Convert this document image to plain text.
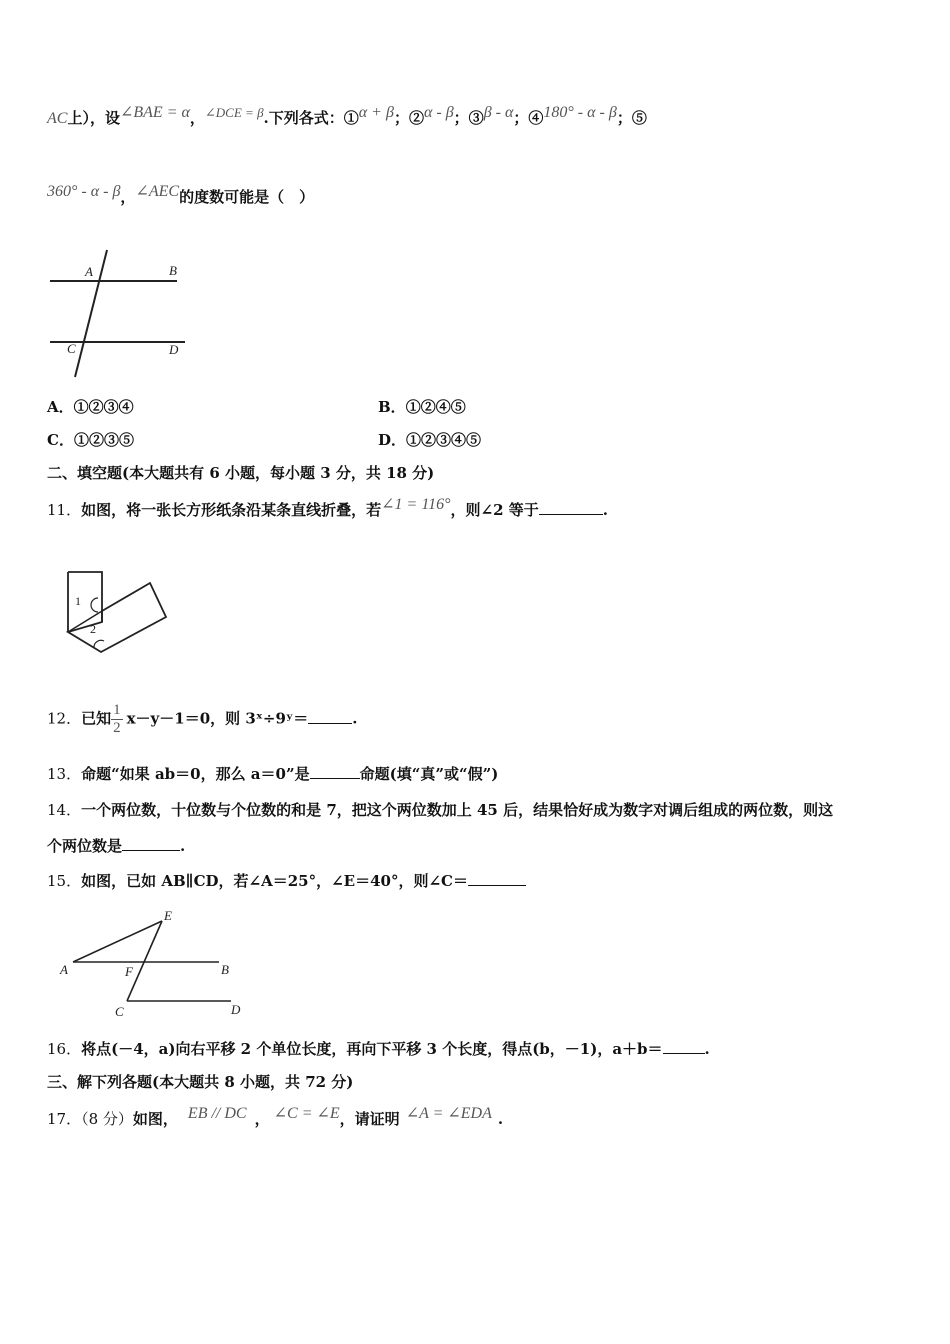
AC上），设∠BAE = α，∠DCE = β.下列各式：①α + β；②α - β；③β - α；④180° - α - β；⑤
360° - α - β，∠AEC的度数可能是（　）
A	B
C	D
A．①②③④	B．①②④⑤
C．①②③⑤	D．①②③④⑤
二、填空题(本大题共有 6 小题，每小题 3 分，共 18 分)
11．如图，将一张长方形纸条沿某条直线折叠，若∠1 = 116°，则∠2 等于	.
1
2
12．已知 $\frac{1}{2} x-y-1=0$，则 3ˣ÷9ʸ＝	.
13．命题“如果 ab＝0，那么 a＝0”是	命题(填“真”或“假”)
14．一个两位数，十位数与个位数的和是 7，把这个两位数加上 45 后，结果恰好成为数字对调后组成的两位数，则这
个两位数是	.
15．如图，已如 AB∥CD，若∠A＝25°，∠E＝40°，则∠C＝
E
A	F	B
C	D
16．将点(－4，a)向右平移 2 个单位长度，再向下平移 3 个长度，得点(b，－1)，a＋b＝	.
三、解下列各题(本大题共 8 小题，共 72 分)
17．（8 分）如图， EB // DC ， ∠C = ∠E，请证明 ∠A = ∠EDA .
